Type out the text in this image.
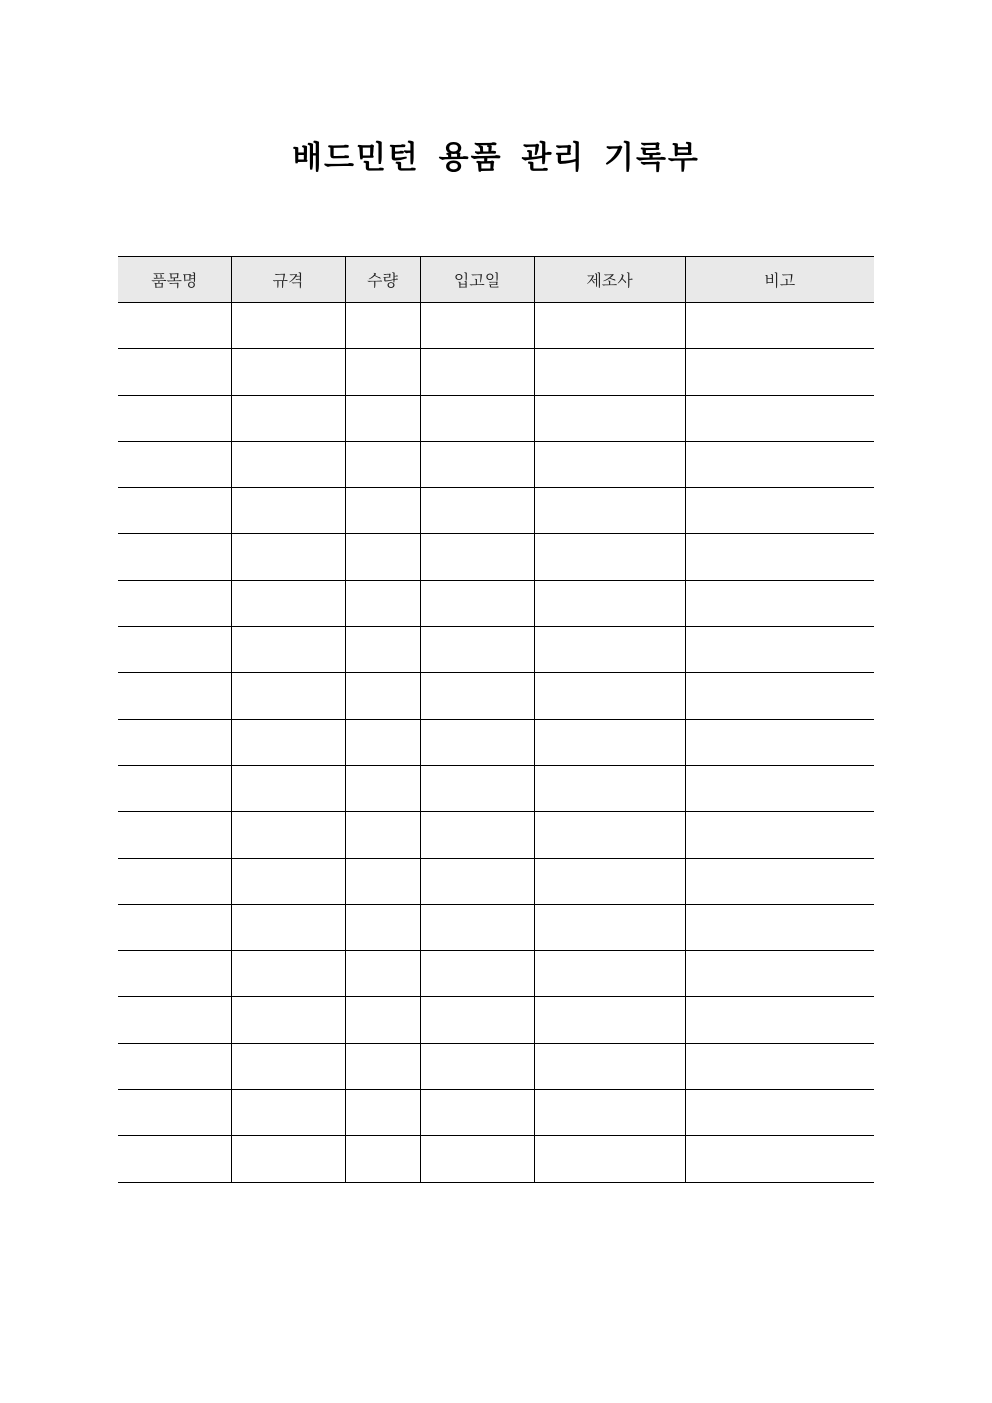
배드민턴 용품 관리 기록부
품목명	규격	수량	입고일	제조사	비고
